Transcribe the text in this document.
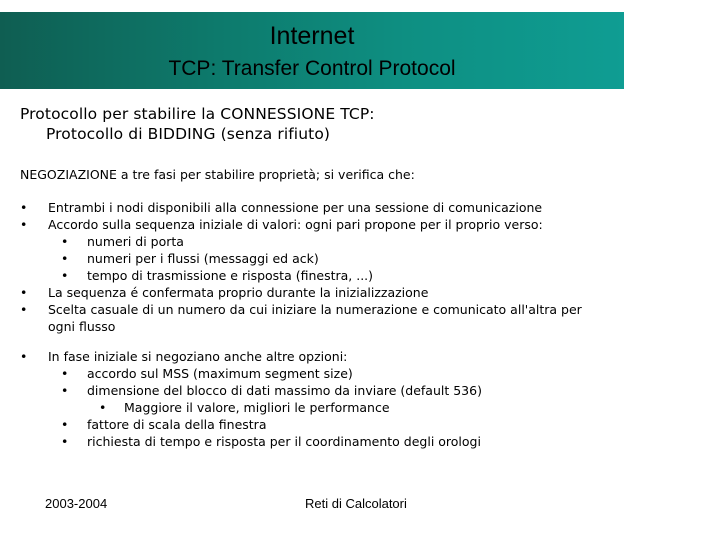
Internet
TCP: Transfer Control Protocol
Protocollo per stabilire la CONNESSIONE TCP:
Protocollo di BIDDING (senza rifiuto)
NEGOZIAZIONE a tre fasi per stabilire proprietà; si verifica che:
• Entrambi i nodi disponibili alla connessione per una sessione di comunicazione
• Accordo sulla sequenza iniziale di valori: ogni pari propone per il proprio verso:
• numeri di porta
• numeri per i flussi (messaggi ed ack)
• tempo di trasmissione e risposta (finestra, ...)
• La sequenza é confermata proprio durante la inizializzazione
• Scelta casuale di un numero da cui iniziare la numerazione e comunicato all'altra per
ogni flusso
• In fase iniziale si negoziano anche altre opzioni:
• accordo sul MSS (maximum segment size)
• dimensione del blocco di dati massimo da inviare (default 536)
• Maggiore il valore, migliori le performance
• fattore di scala della finestra
• richiesta di tempo e risposta per il coordinamento degli orologi
2003-2004	Reti di Calcolatori
